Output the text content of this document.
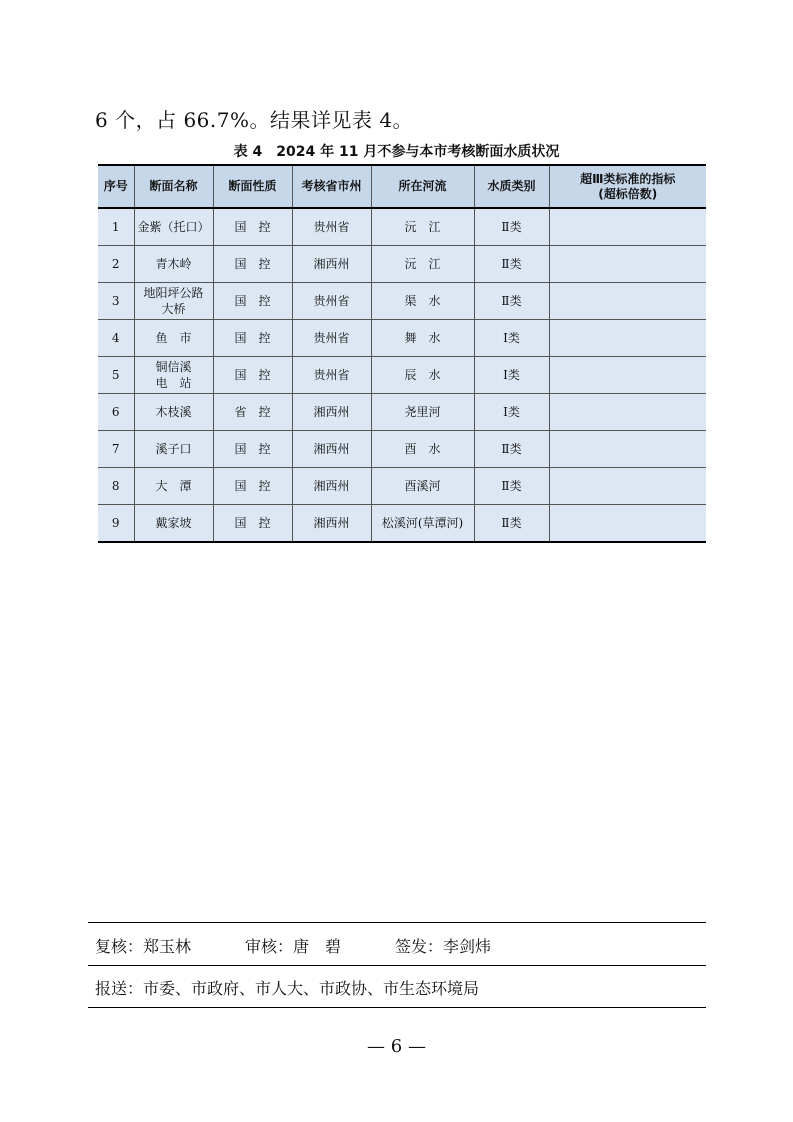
6 个，占 66.7%。结果详见表 4。
表 4　2024 年 11 月不参与本市考核断面水质状况
序号	断面名称	断面性质	考核省市州	所在河流	水质类别	超Ⅲ类标准的指标
(超标倍数)
1	金紫（托口）	国　控	贵州省	沅　江	Ⅱ类	
2	青木岭	国　控	湘西州	沅　江	Ⅱ类	
3	地阳坪公路
大桥	国　控	贵州省	渠　水	Ⅱ类	
4	鱼　市	国　控	贵州省	舞　水	Ⅰ类	
5	铜信溪
电　站	国　控	贵州省	辰　水	Ⅰ类	
6	木枝溪	省　控	湘西州	尧里河	Ⅰ类	
7	溪子口	国　控	湘西州	酉　水	Ⅱ类	
8	大　潭	国　控	湘西州	酉溪河	Ⅱ类	
9	戴家坡	国　控	湘西州	松溪河(草潭河)	Ⅱ类	
复核：郑玉林	审核：唐　碧	签发：李剑炜
报送：市委、市政府、市人大、市政协、市生态环境局
— 6 —
